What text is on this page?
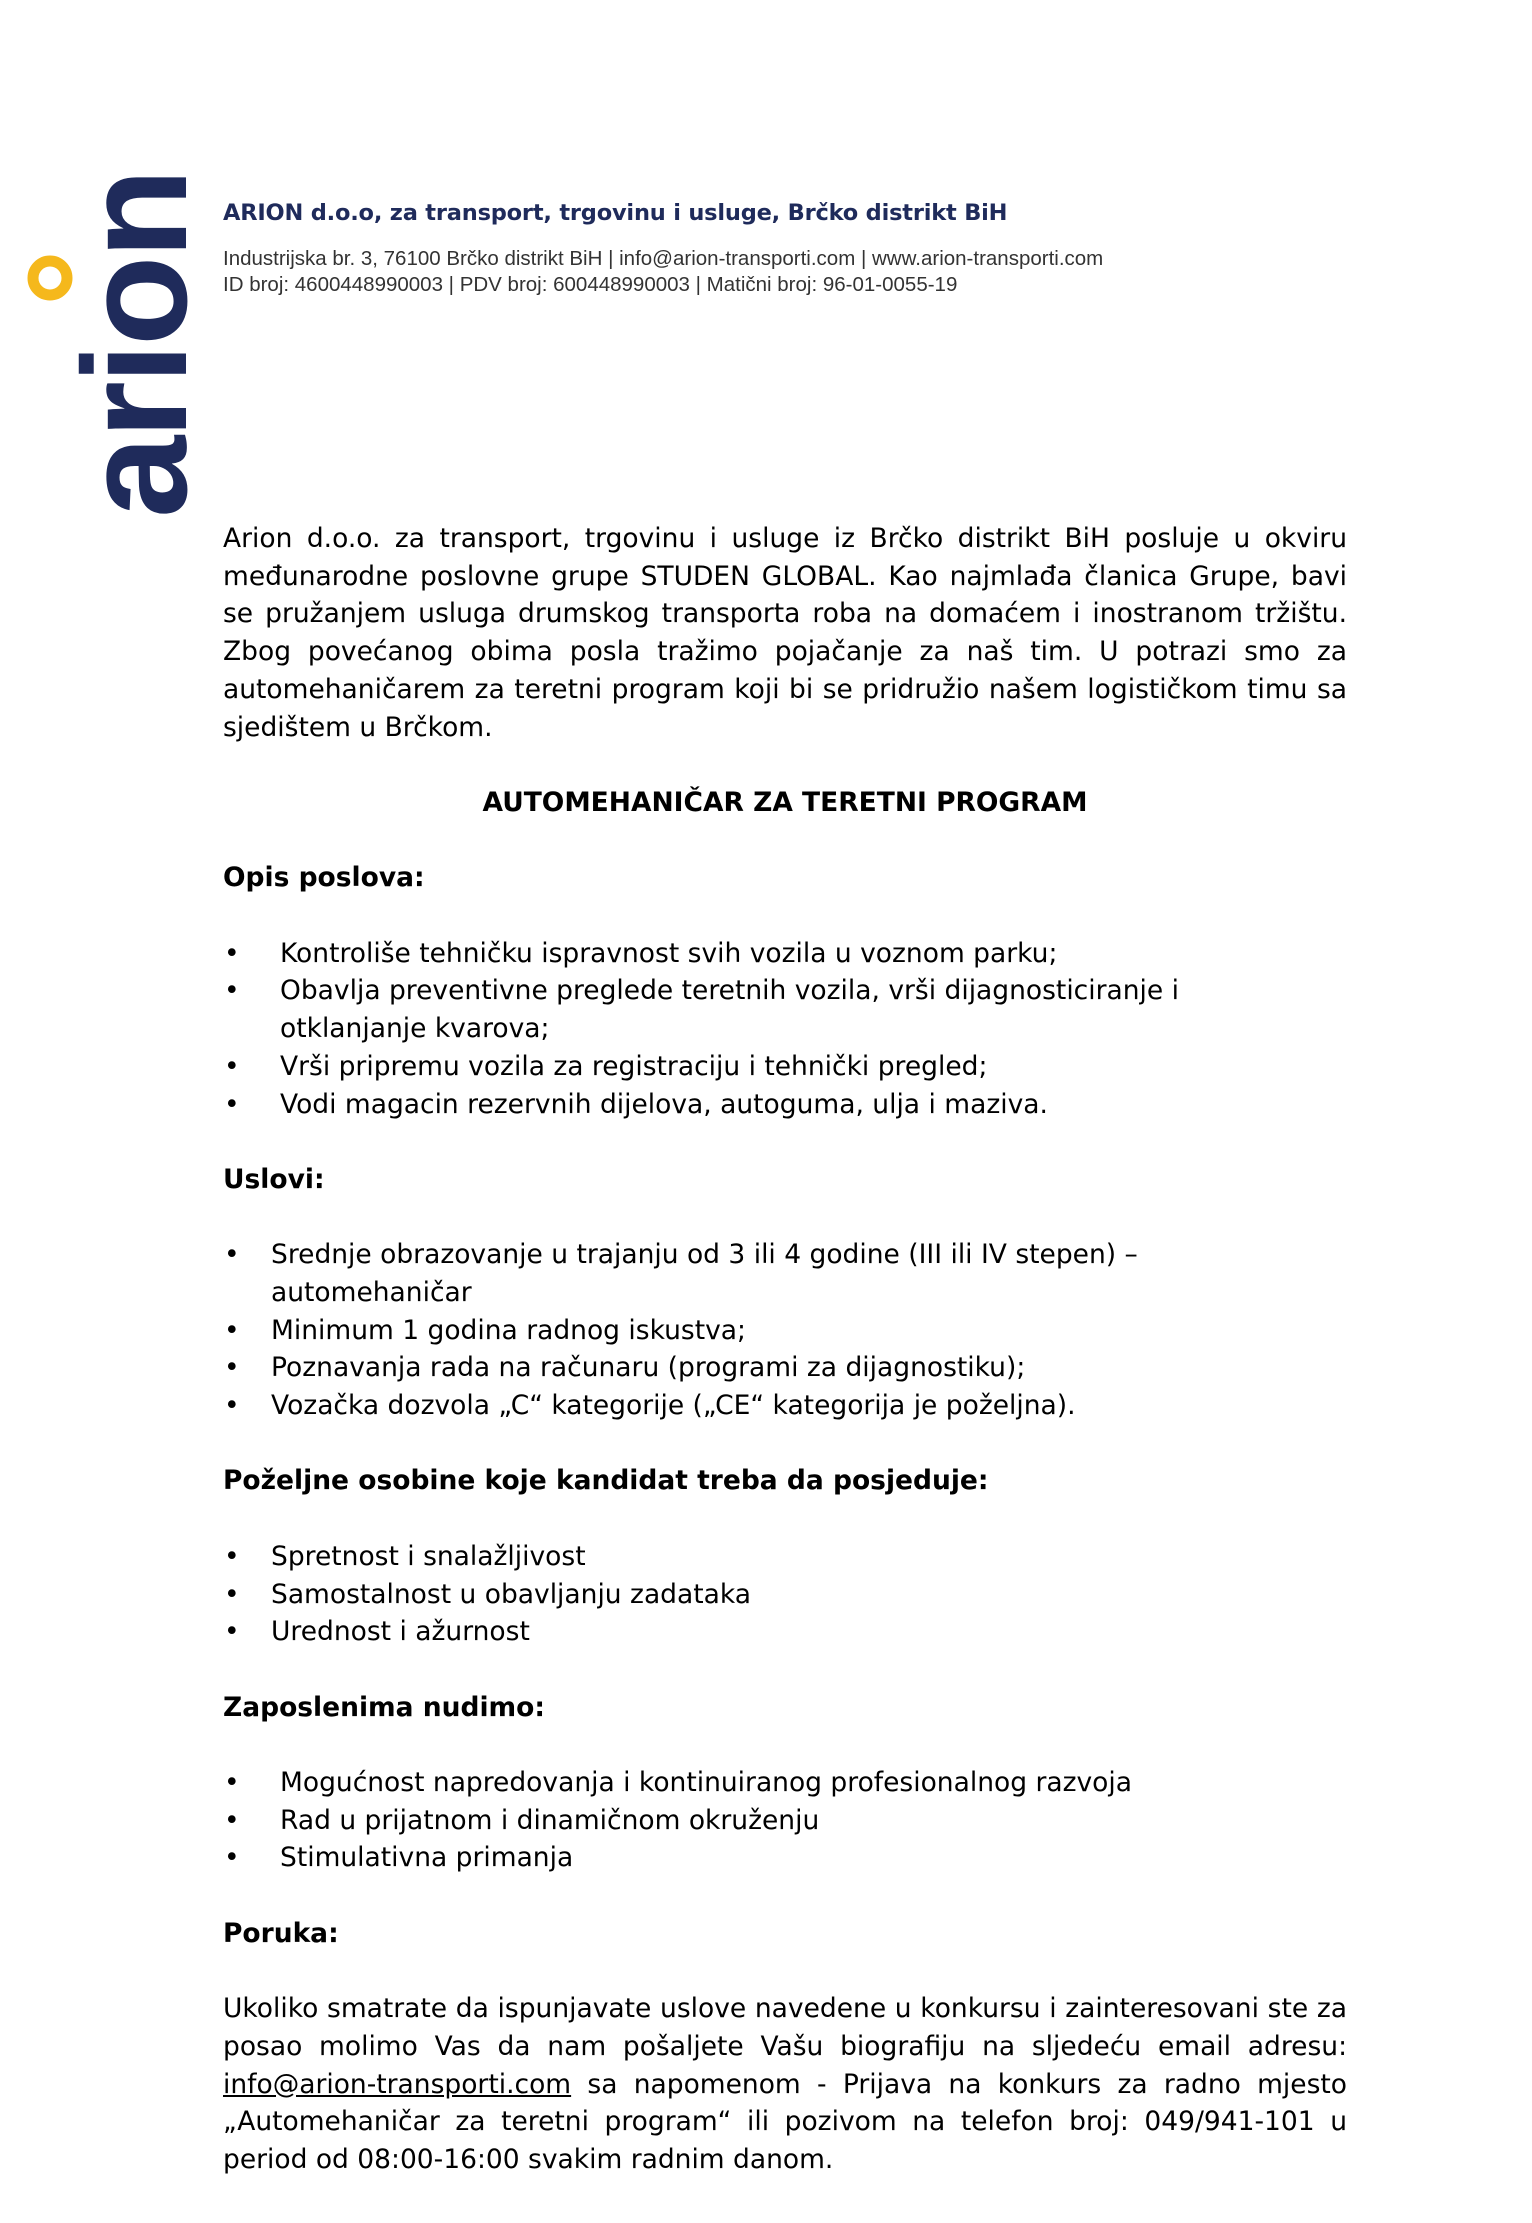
arion ARION d.o.o, za transport, trgovinu i usluge, Brčko distrikt BiH
Industrijska br. 3, 76100 Brčko distrikt BiH | info@arion-transporti.com | www.arion-transporti.com
ID broj: 4600448990003 | PDV broj: 600448990003 | Matični broj: 96-01-0055-19

Arion d.o.o. za transport, trgovinu i usluge iz Brčko distrikt BiH posluje u okviru međunarodne poslovne grupe STUDEN GLOBAL. Kao najmlađa članica Grupe, bavi se pružanjem usluga drumskog transporta roba na domaćem i inostranom tržištu. Zbog povećanog obima posla tražimo pojačanje za naš tim. U potrazi smo za automehaničarem za teretni program koji bi se pridružio našem logističkom timu sa sjedištem u Brčkom.

AUTOMEHANIČAR ZA TERETNI PROGRAM

Opis poslova:

• Kontroliše tehničku ispravnost svih vozila u voznom parku;
• Obavlja preventivne preglede teretnih vozila, vrši dijagnosticiranje i otklanjanje kvarova;
• Vrši pripremu vozila za registraciju i tehnički pregled;
• Vodi magacin rezervnih dijelova, autoguma, ulja i maziva.

Uslovi:

• Srednje obrazovanje u trajanju od 3 ili 4 godine (III ili IV stepen) – automehaničar
• Minimum 1 godina radnog iskustva;
• Poznavanja rada na računaru (programi za dijagnostiku);
• Vozačka dozvola „C“ kategorije („CE“ kategorija je poželjna).

Poželjne osobine koje kandidat treba da posjeduje:

• Spretnost i snalažljivost
• Samostalnost u obavljanju zadataka
• Urednost i ažurnost

Zaposlenima nudimo:

• Mogućnost napredovanja i kontinuiranog profesionalnog razvoja
• Rad u prijatnom i dinamičnom okruženju
• Stimulativna primanja

Poruka:

Ukoliko smatrate da ispunjavate uslove navedene u konkursu i zainteresovani ste za posao molimo Vas da nam pošaljete Vašu biografiju na sljedeću email adresu: info@arion-transporti.com sa napomenom - Prijava na konkurs za radno mjesto „Automehaničar za teretni program“ ili pozivom na telefon broj: 049/941-101 u period od 08:00-16:00 svakim radnim danom.
